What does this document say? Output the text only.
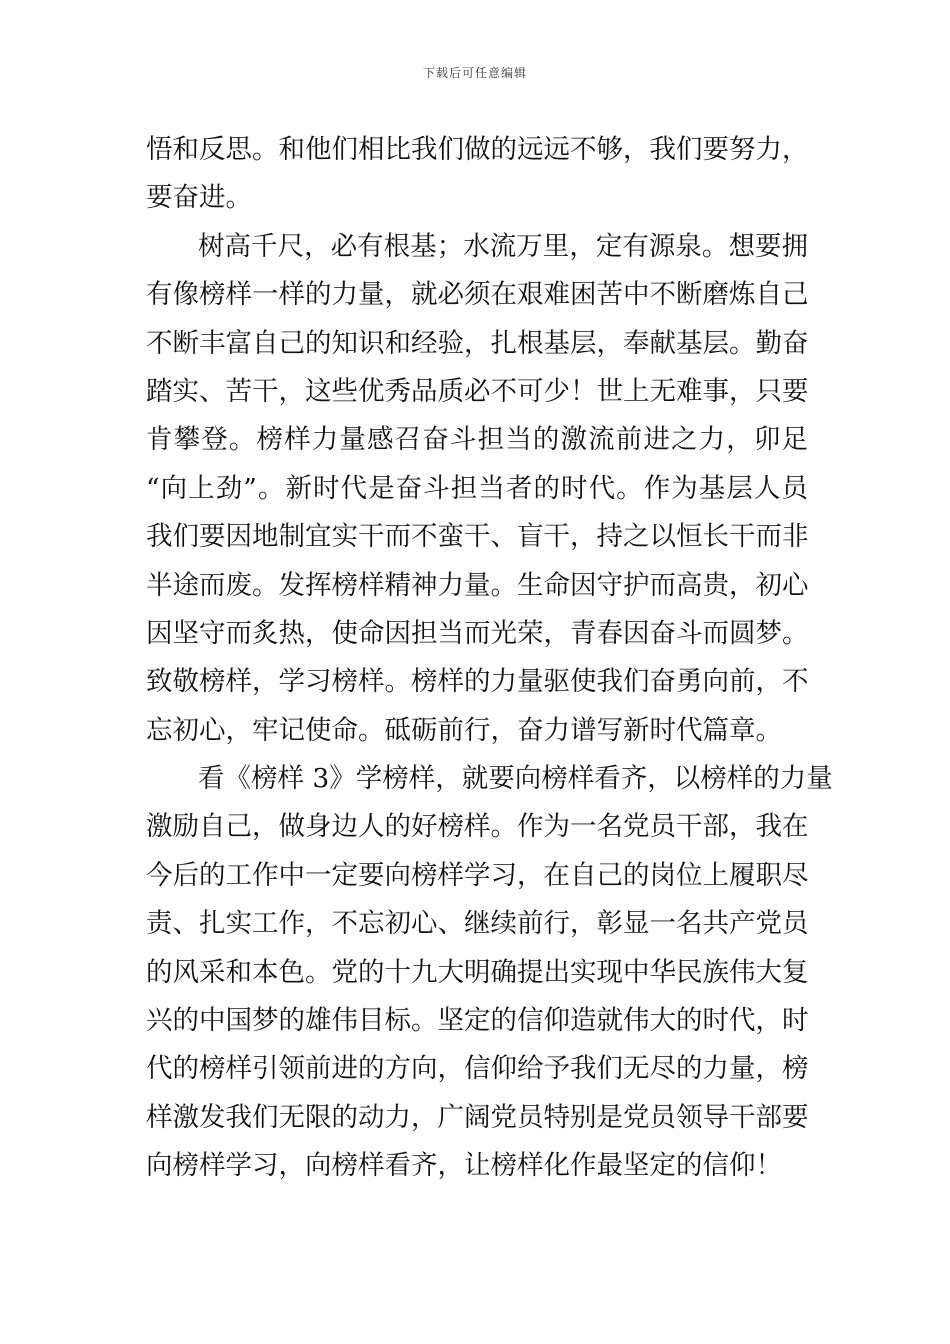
下载后可任意编辑
悟和反思。和他们相比我们做的远远不够，我们要努力，
要奋进。
树高千尺，必有根基；水流万里，定有源泉。想要拥
有像榜样一样的力量，就必须在艰难困苦中不断磨炼自己
不断丰富自己的知识和经验，扎根基层，奉献基层。勤奋
踏实、苦干，这些优秀品质必不可少！世上无难事，只要
肯攀登。榜样力量感召奋斗担当的激流前进之力，卯足
“向上劲”。新时代是奋斗担当者的时代。作为基层人员
我们要因地制宜实干而不蛮干、盲干，持之以恒长干而非
半途而废。发挥榜样精神力量。生命因守护而高贵，初心
因坚守而炙热，使命因担当而光荣，青春因奋斗而圆梦。
致敬榜样，学习榜样。榜样的力量驱使我们奋勇向前，不
忘初心，牢记使命。砥砺前行，奋力谱写新时代篇章。
看《榜样 3》学榜样，就要向榜样看齐，以榜样的力量
激励自己，做身边人的好榜样。作为一名党员干部，我在
今后的工作中一定要向榜样学习，在自己的岗位上履职尽
责、扎实工作，不忘初心、继续前行，彰显一名共产党员
的风采和本色。党的十九大明确提出实现中华民族伟大复
兴的中国梦的雄伟目标。坚定的信仰造就伟大的时代，时
代的榜样引领前进的方向，信仰给予我们无尽的力量，榜
样激发我们无限的动力，广阔党员特别是党员领导干部要
向榜样学习，向榜样看齐，让榜样化作最坚定的信仰！
